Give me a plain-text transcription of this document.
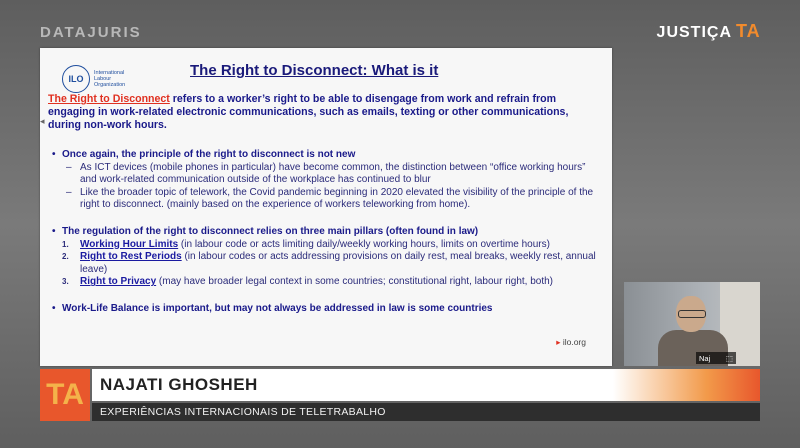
DATAJURIS	JUSTIÇA TA
ILO
International Labour Organization
The Right to Disconnect: What is it
◂
The Right to Disconnect refers to a worker’s right to be able to disengage from work and refrain from engaging in work-related electronic communications, such as emails, texting or other communications, during non-work hours.
• Once again, the principle of the right to disconnect is not new
– As ICT devices (mobile phones in particular) have become common, the distinction between “office working hours” and work-related communication outside of the workplace has continued to blur
– Like the broader topic of telework, the Covid pandemic beginning in 2020 elevated the visibility of the principle of the right to disconnect. (mainly based on the experience of workers teleworking from home).
• The regulation of the right to disconnect relies on three main pillars (often found in law)
1. Working Hour Limits (in labour code or acts limiting daily/weekly working hours, limits on overtime hours)
2. Right to Rest Periods (in labour codes or acts addressing provisions on daily rest, meal breaks, weekly rest, annual leave)
3. Right to Privacy (may have broader legal context in some countries; constitutional right, labour right, both)
• Work-Life Balance is important, but may not always be addressed in law is some countries
▸ ilo.org
Naj ⬚
TA NAJATI GHOSHEH
EXPERIÊNCIAS INTERNACIONAIS DE TELETRABALHO
